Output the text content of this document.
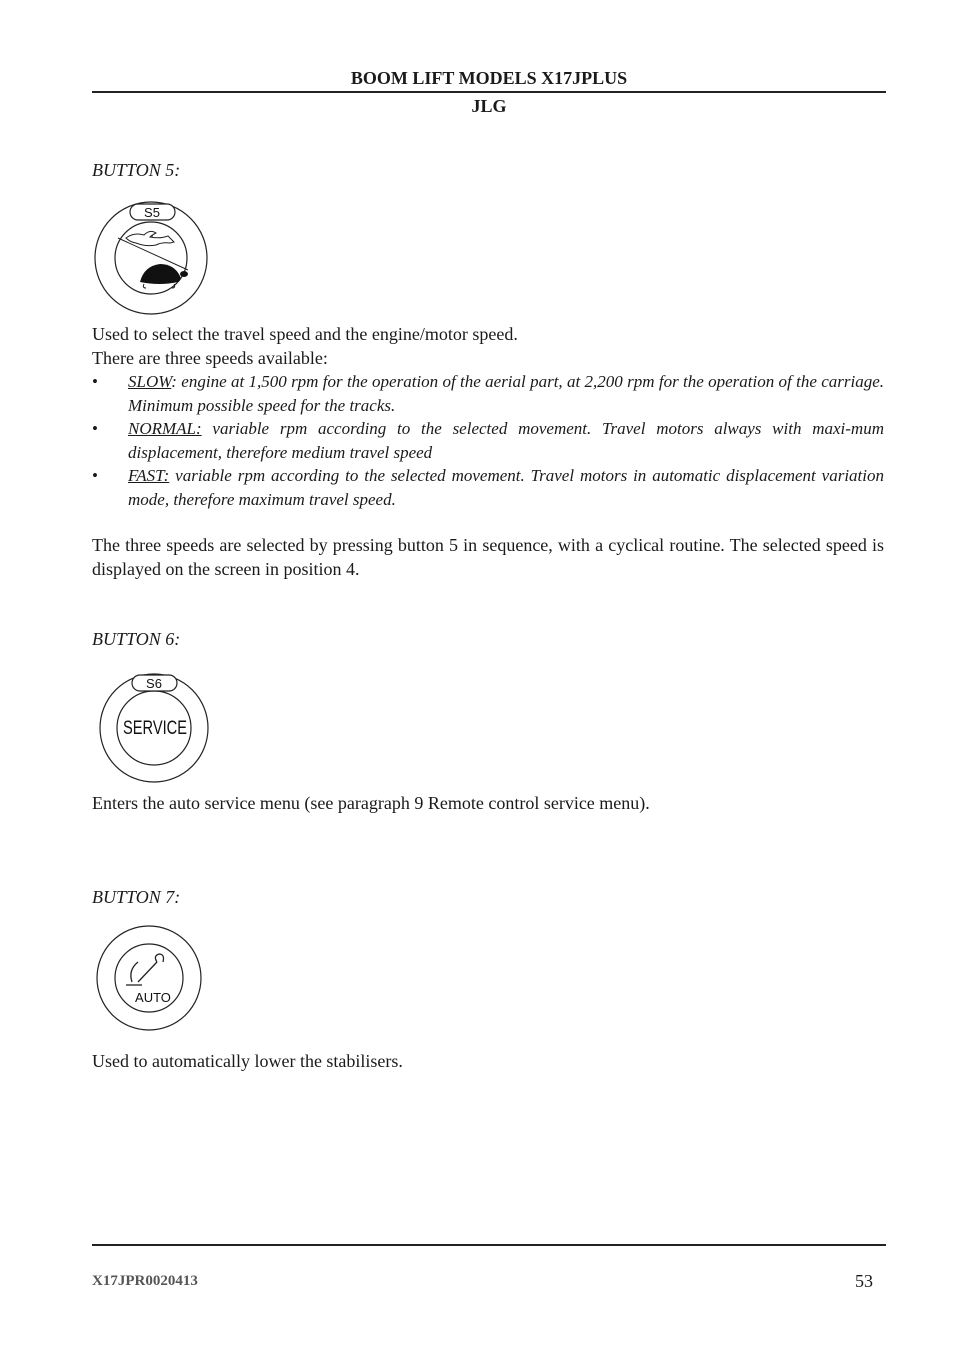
BOOM LIFT MODELS X17JPLUS
JLG
BUTTON 5:
S5
Used to select the travel speed and the engine/motor speed.
There are three speeds available:
• SLOW: engine at 1,500 rpm for the operation of the aerial part, at 2,200 rpm for the operation of the carriage. Minimum possible speed for the tracks.
• NORMAL: variable rpm according to the selected movement. Travel motors always with maxi-mum displacement, therefore medium travel speed
• FAST: variable rpm according to the selected movement. Travel motors in automatic displacement variation mode, therefore maximum travel speed.
The three speeds are selected by pressing button 5 in sequence, with a cyclical routine. The selected speed is displayed on the screen in position 4.
BUTTON 6:
S6
SERVICE
Enters the auto service menu (see paragraph 9 Remote control service menu).
BUTTON 7:
AUTO
Used to automatically lower the stabilisers.
X17JPR0020413	53
